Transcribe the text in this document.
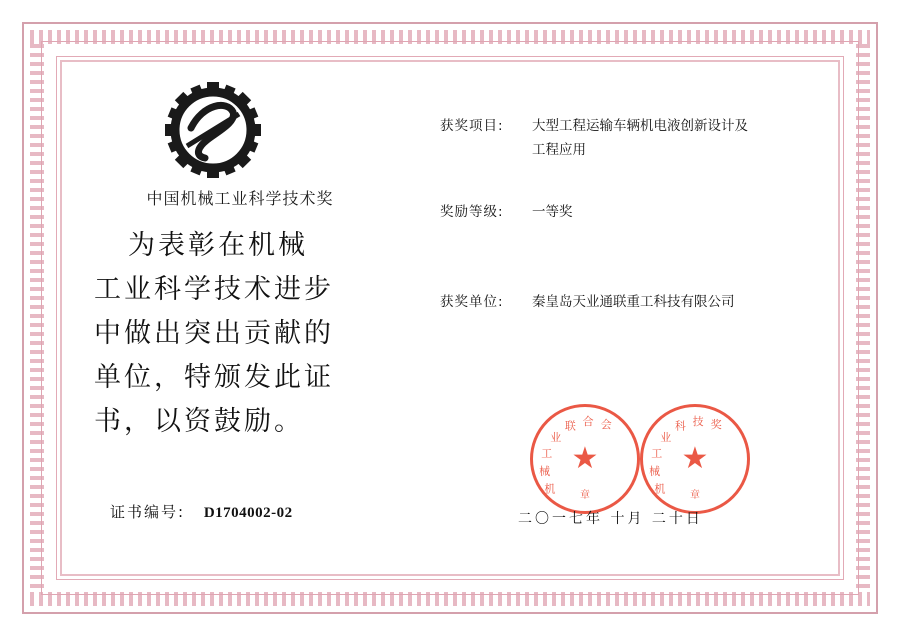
中国机械工业科学技术奖
为表彰在机械
工业科学技术进步
中做出突出贡献的
单位，特颁发此证
书，以资鼓励。
证书编号: D1704002-02
获奖项目:	大型工程运输车辆机电液创新设计及工程应用
奖励等级:	一等奖
获奖单位:	秦皇岛天业通联重工科技有限公司
机
械
工
业
联 合 会
★
章	机
械
工
业
科 技 奖
★
章
二〇一七年 十月 二十日
